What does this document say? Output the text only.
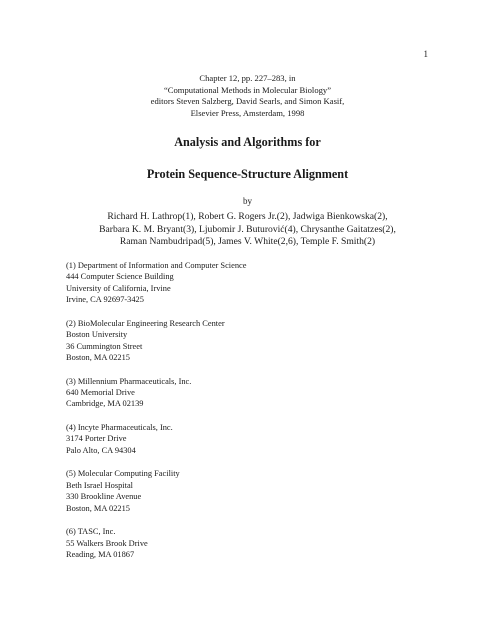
1
Chapter 12, pp. 227–283, in
“Computational Methods in Molecular Biology”
editors Steven Salzberg, David Searls, and Simon Kasif,
Elsevier Press, Amsterdam, 1998
Analysis and Algorithms for
Protein Sequence-Structure Alignment
by
Richard H. Lathrop(1), Robert G. Rogers Jr.(2), Jadwiga Bienkowska(2),
Barbara K. M. Bryant(3), Ljubomir J. Buturović(4), Chrysanthe Gaitatzes(2),
Raman Nambudripad(5), James V. White(2,6), Temple F. Smith(2)
(1) Department of Information and Computer Science
444 Computer Science Building
University of California, Irvine
Irvine, CA 92697-3425
(2) BioMolecular Engineering Research Center
Boston University
36 Cummington Street
Boston, MA 02215
(3) Millennium Pharmaceuticals, Inc.
640 Memorial Drive
Cambridge, MA 02139
(4) Incyte Pharmaceuticals, Inc.
3174 Porter Drive
Palo Alto, CA 94304
(5) Molecular Computing Facility
Beth Israel Hospital
330 Brookline Avenue
Boston, MA 02215
(6) TASC, Inc.
55 Walkers Brook Drive
Reading, MA 01867
